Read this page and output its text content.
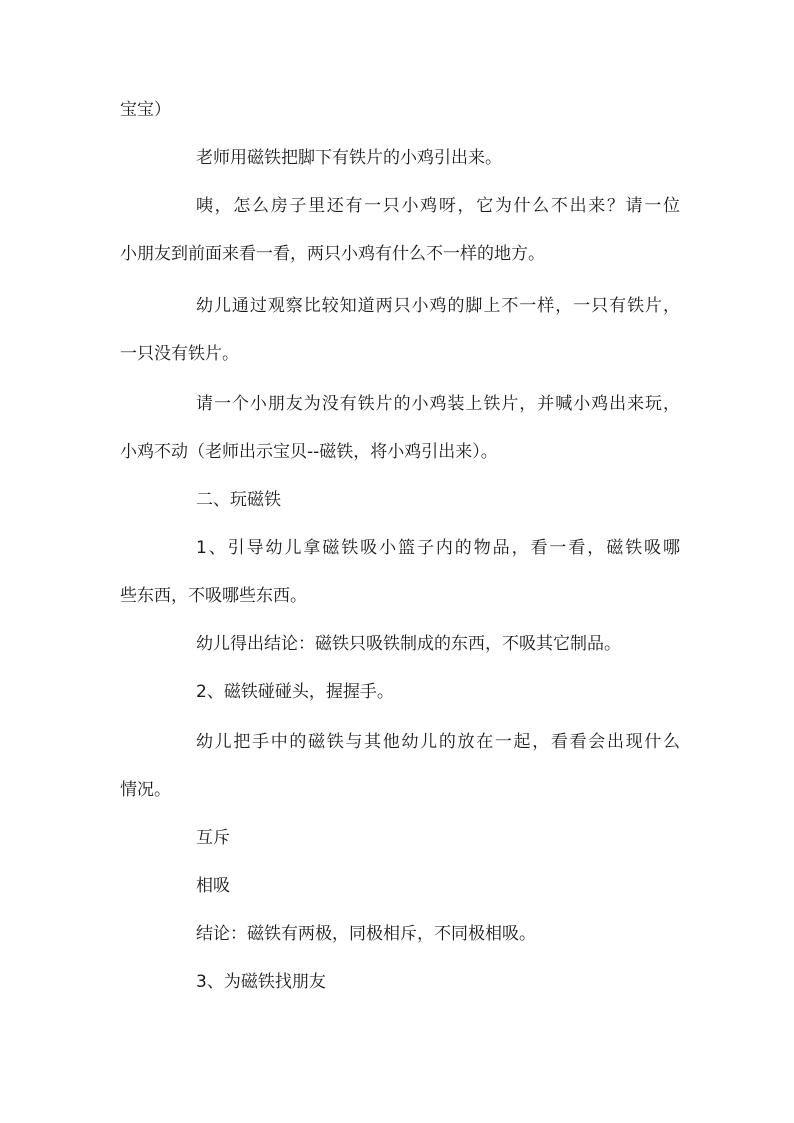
宝宝）

老师用磁铁把脚下有铁片的小鸡引出来。

咦，怎么房子里还有一只小鸡呀，它为什么不出来？请一位

小朋友到前面来看一看，两只小鸡有什么不一样的地方。

幼儿通过观察比较知道两只小鸡的脚上不一样，一只有铁片，

一只没有铁片。

请一个小朋友为没有铁片的小鸡装上铁片，并喊小鸡出来玩，

小鸡不动（老师出示宝贝--磁铁，将小鸡引出来）。

二、玩磁铁

1、引导幼儿拿磁铁吸小篮子内的物品，看一看，磁铁吸哪

些东西，不吸哪些东西。

幼儿得出结论：磁铁只吸铁制成的东西，不吸其它制品。

2、磁铁碰碰头，握握手。

幼儿把手中的磁铁与其他幼儿的放在一起，看看会出现什么

情况。

互斥

相吸

结论：磁铁有两极，同极相斥，不同极相吸。

3、为磁铁找朋友
